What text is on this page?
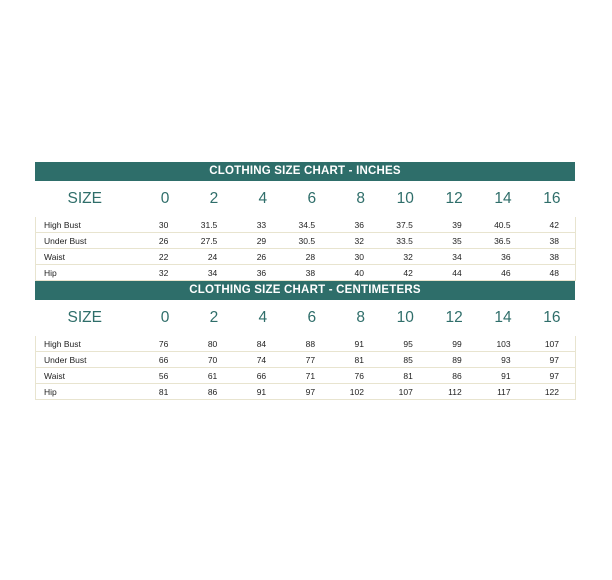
CLOTHING SIZE CHART - INCHES
SIZE	0	2	4	6	8	10	12	14	16
High Bust	30	31.5	33	34.5	36	37.5	39	40.5	42
Under Bust	26	27.5	29	30.5	32	33.5	35	36.5	38
Waist	22	24	26	28	30	32	34	36	38
Hip	32	34	36	38	40	42	44	46	48
CLOTHING SIZE CHART - CENTIMETERS
SIZE	0	2	4	6	8	10	12	14	16
High Bust	76	80	84	88	91	95	99	103	107
Under Bust	66	70	74	77	81	85	89	93	97
Waist	56	61	66	71	76	81	86	91	97
Hip	81	86	91	97	102	107	112	117	122
